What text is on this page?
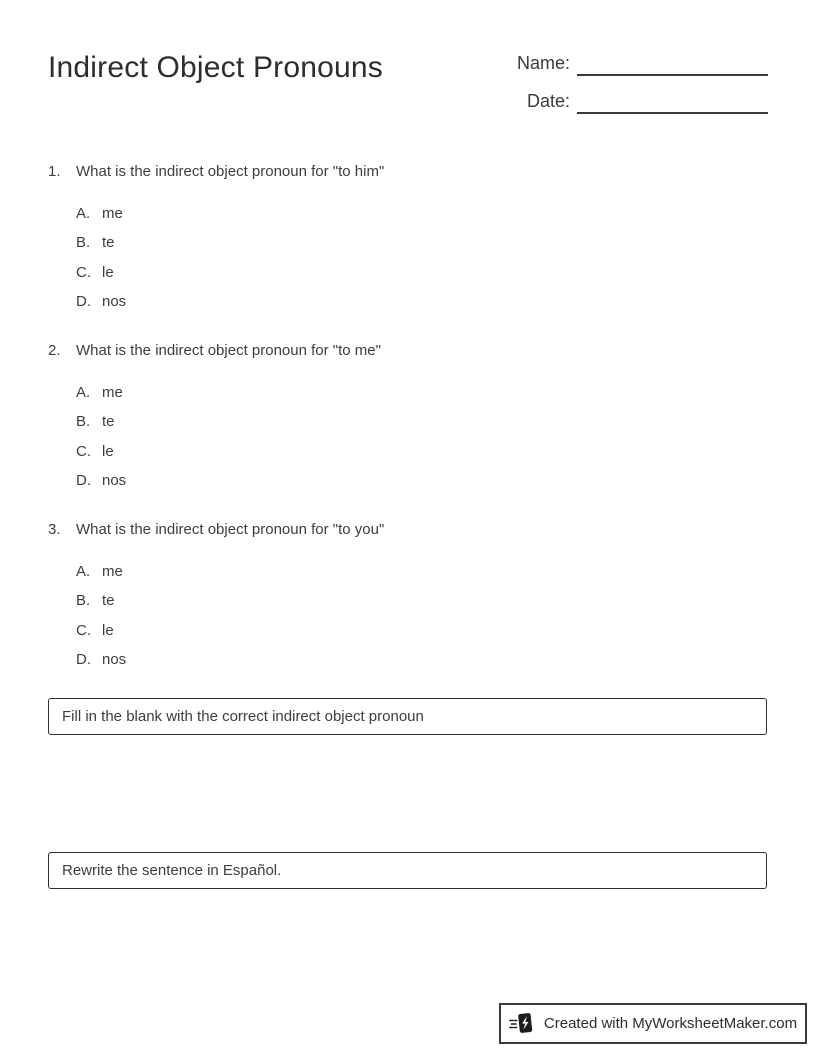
Indirect Object Pronouns	Name:
Date:
1.	What is the indirect object pronoun for "to him"
A. me
B. te
C. le
D. nos
2.	What is the indirect object pronoun for "to me"
A. me
B. te
C. le
D. nos
3.	What is the indirect object pronoun for "to you"
A. me
B. te
C. le
D. nos
Fill in the blank with the correct indirect object pronoun
Rewrite the sentence in Español.
Created with MyWorksheetMaker.com
